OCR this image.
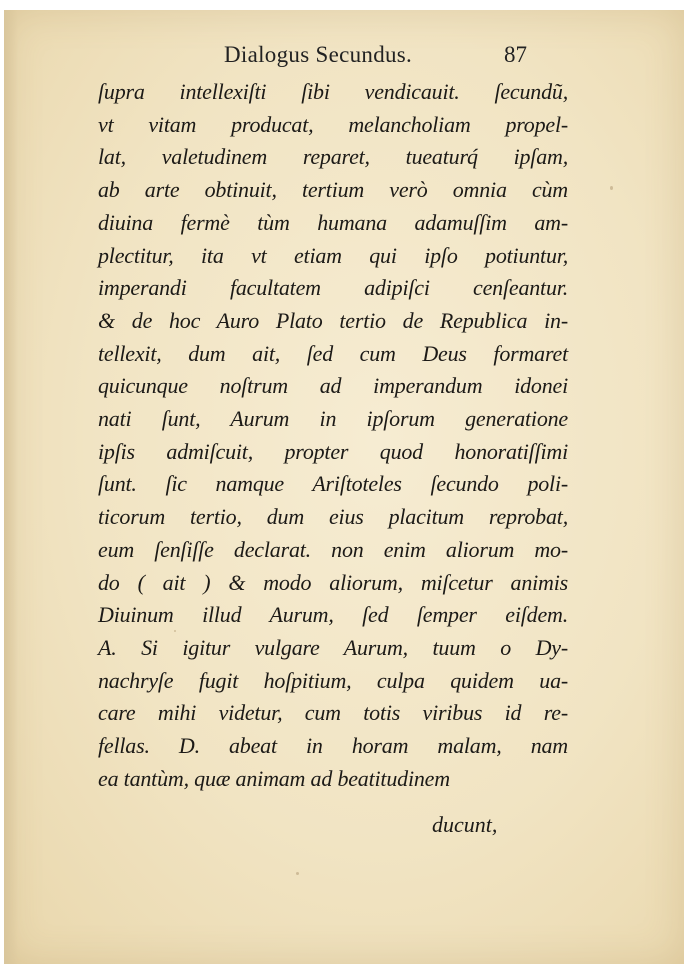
Dialogus Secundus.	87
ſupra intellexiſti ſibi vendicauit. ſecundũ,
vt vitam producat, melancholiam propel-
lat, valetudinem reparet, tueaturq́ ipſam,
ab arte obtinuit, tertium verò omnia cùm
diuina fermè tùm humana adamuſſim am-
plectitur, ita vt etiam qui ipſo potiuntur,
imperandi facultatem adipiſci cenſeantur.
& de hoc Auro Plato tertio de Republica in-
tellexit, dum ait, ſed cum Deus formaret
quicunque noſtrum ad imperandum idonei
nati ſunt, Aurum in ipſorum generatione
ipſis admiſcuit, propter quod honoratiſſimi
ſunt. ſic namque Ariſtoteles ſecundo poli-
ticorum tertio, dum eius placitum reprobat,
eum ſenſiſſe declarat. non enim aliorum mo-
do ( ait ) & modo aliorum, miſcetur animis
Diuinum illud Aurum, ſed ſemper eiſdem.
A. Si igitur vulgare Aurum, tuum o Dy-
nachryſe fugit hoſpitium, culpa quidem ua-
care mihi videtur, cum totis viribus id re-
fellas. D. abeat in horam malam, nam
ea tantùm, quæ animam ad beatitudinem
ducunt,
